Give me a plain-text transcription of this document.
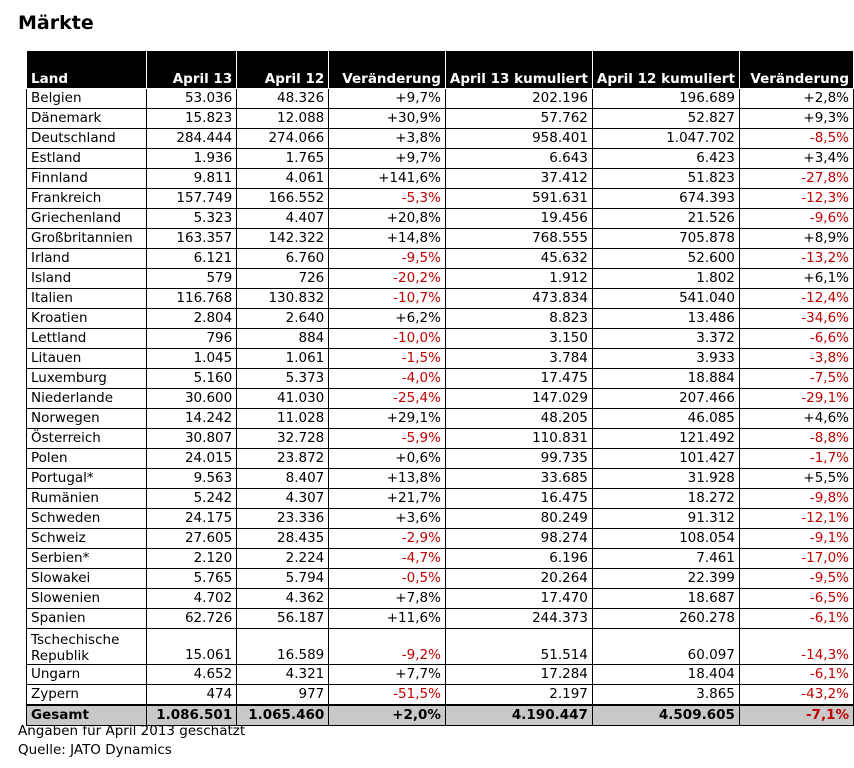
Märkte
Land	April 13	April 12	Veränderung	April 13 kumuliert	April 12 kumuliert	Veränderung
Belgien	53.036	48.326	+9,7%	202.196	196.689	+2,8%
Dänemark	15.823	12.088	+30,9%	57.762	52.827	+9,3%
Deutschland	284.444	274.066	+3,8%	958.401	1.047.702	-8,5%
Estland	1.936	1.765	+9,7%	6.643	6.423	+3,4%
Finnland	9.811	4.061	+141,6%	37.412	51.823	-27,8%
Frankreich	157.749	166.552	-5,3%	591.631	674.393	-12,3%
Griechenland	5.323	4.407	+20,8%	19.456	21.526	-9,6%
Großbritannien	163.357	142.322	+14,8%	768.555	705.878	+8,9%
Irland	6.121	6.760	-9,5%	45.632	52.600	-13,2%
Island	579	726	-20,2%	1.912	1.802	+6,1%
Italien	116.768	130.832	-10,7%	473.834	541.040	-12,4%
Kroatien	2.804	2.640	+6,2%	8.823	13.486	-34,6%
Lettland	796	884	-10,0%	3.150	3.372	-6,6%
Litauen	1.045	1.061	-1,5%	3.784	3.933	-3,8%
Luxemburg	5.160	5.373	-4,0%	17.475	18.884	-7,5%
Niederlande	30.600	41.030	-25,4%	147.029	207.466	-29,1%
Norwegen	14.242	11.028	+29,1%	48.205	46.085	+4,6%
Österreich	30.807	32.728	-5,9%	110.831	121.492	-8,8%
Polen	24.015	23.872	+0,6%	99.735	101.427	-1,7%
Portugal*	9.563	8.407	+13,8%	33.685	31.928	+5,5%
Rumänien	5.242	4.307	+21,7%	16.475	18.272	-9,8%
Schweden	24.175	23.336	+3,6%	80.249	91.312	-12,1%
Schweiz	27.605	28.435	-2,9%	98.274	108.054	-9,1%
Serbien*	2.120	2.224	-4,7%	6.196	7.461	-17,0%
Slowakei	5.765	5.794	-0,5%	20.264	22.399	-9,5%
Slowenien	4.702	4.362	+7,8%	17.470	18.687	-6,5%
Spanien	62.726	56.187	+11,6%	244.373	260.278	-6,1%
Tschechische Republik	15.061	16.589	-9,2%	51.514	60.097	-14,3%
Ungarn	4.652	4.321	+7,7%	17.284	18.404	-6,1%
Zypern	474	977	-51,5%	2.197	3.865	-43,2%
Gesamt	1.086.501	1.065.460	+2,0%	4.190.447	4.509.605	-7,1%
Angaben für April 2013 geschätzt
Quelle: JATO Dynamics
